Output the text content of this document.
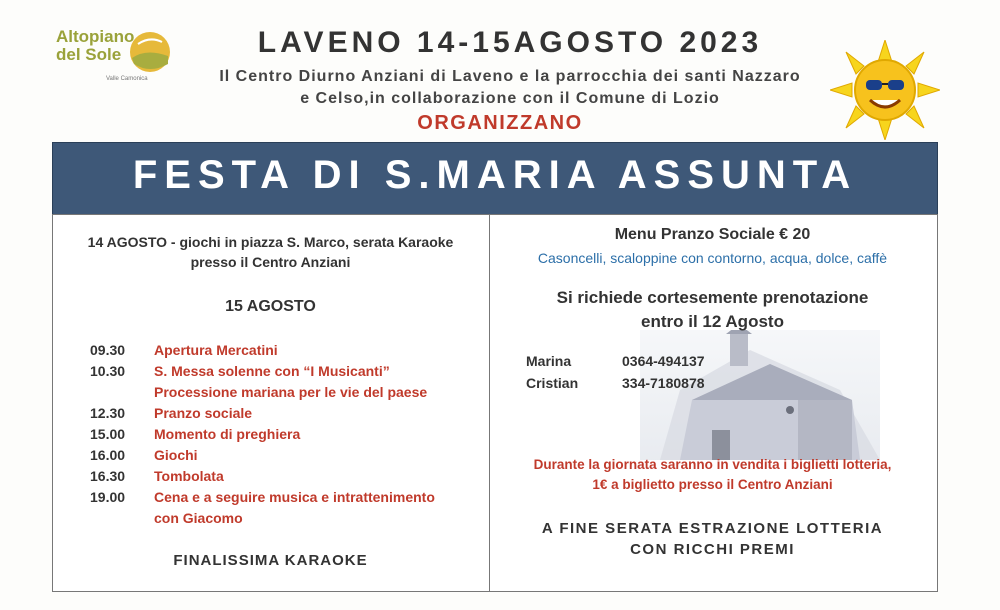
Altopiano
del Sole
Valle Camonica
LAVENO 14-15AGOSTO 2023
Il Centro Diurno Anziani di Laveno e la parrocchia dei santi Nazzaro
e Celso,in collaborazione con il Comune di Lozio
ORGANIZZANO
FESTA DI S.MARIA ASSUNTA
14 AGOSTO - giochi in piazza S. Marco, serata Karaoke
presso il Centro Anziani
15 AGOSTO
09.30	Apertura Mercatini
10.30	S. Messa solenne con “I Musicanti”
Processione mariana per le vie del paese
12.30	Pranzo sociale
15.00	Momento di preghiera
16.00	Giochi
16.30	Tombolata
19.00	Cena e a seguire musica e intrattenimento
con Giacomo
FINALISSIMA KARAOKE
Menu Pranzo Sociale € 20
Casoncelli, scaloppine con contorno, acqua, dolce, caffè
Si richiede cortesemente prenotazione
entro il 12 Agosto
Marina	0364-494137
Cristian	334-7180878
Durante la giornata saranno in vendita i biglietti lotteria,
1€ a biglietto presso il Centro Anziani
A FINE SERATA ESTRAZIONE LOTTERIA
CON RICCHI PREMI
